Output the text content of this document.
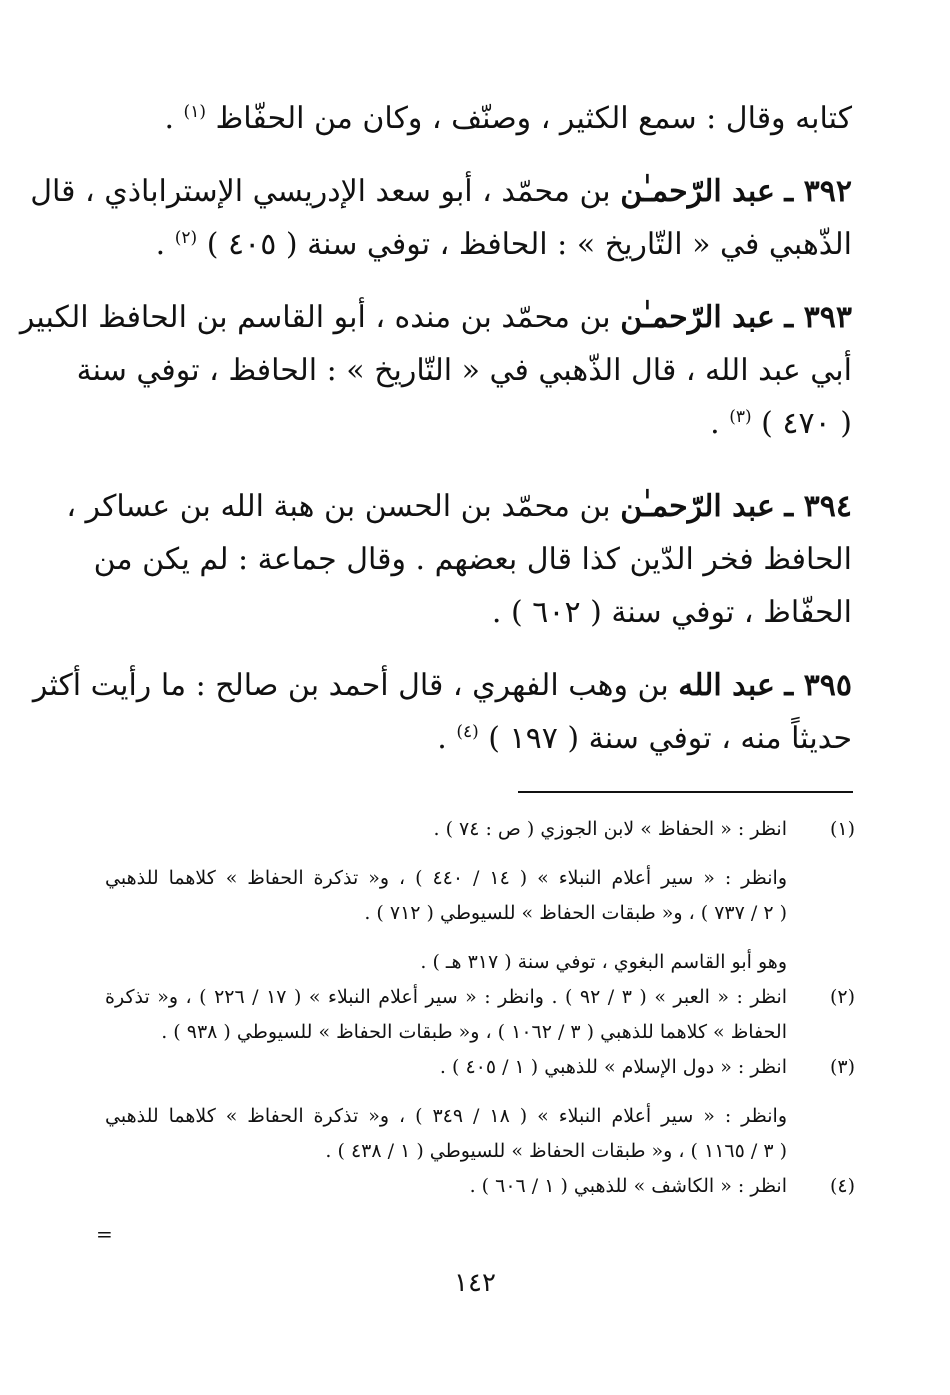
كتابه وقال : سمع الكثير ، وصنّف ، وكان من الحفّاظ $^{(١)}$ .
٣٩٢ ـ عبد الرّحمـٰن بن محمّد ، أبو سعد الإدريسي الإستراباذي ، قال
الذّهبي في « التّاريخ » : الحافظ ، توفي سنة ( ٤٠٥ ) $^{(٢)}$ .
٣٩٣ ـ عبد الرّحمـٰن بن محمّد بن منده ، أبو القاسم بن الحافظ الكبير
أبي عبد الله ، قال الذّهبي في « التّاريخ » : الحافظ ، توفي سنة
( ٤٧٠ ) $^{(٣)}$ .
٣٩٤ ـ عبد الرّحمـٰن بن محمّد بن الحسن بن هبة الله بن عساكر ،
الحافظ فخر الدّين كذا قال بعضهم . وقال جماعة : لم يكن من
الحفّاظ ، توفي سنة ( ٦٠٢ ) .
٣٩٥ ـ عبد الله بن وهب الفهري ، قال أحمد بن صالح : ما رأيت أكثر
حديثاً منه ، توفي سنة ( ١٩٧ ) $^{(٤)}$ .
(١)
انظر : « الحفاظ » لابن الجوزي ( ص : ٧٤ ) .
وانظر : « سير أعلام النبلاء » ( ١٤ / ٤٤٠ ) ، و« تذكرة الحفاظ » كلاهما للذهبي
( ٢ / ٧٣٧ ) ، و« طبقات الحفاظ » للسيوطي ( ٧١٢ ) .
وهو أبو القاسم البغوي ، توفي سنة ( ٣١٧ هـ ) .
(٢)
انظر : « العبر » ( ٣ / ٩٢ ) . وانظر : « سير أعلام النبلاء » ( ١٧ / ٢٢٦ ) ، و« تذكرة
الحفاظ » كلاهما للذهبي ( ٣ / ١٠٦٢ ) ، و« طبقات الحفاظ » للسيوطي ( ٩٣٨ ) .
(٣)
انظر : « دول الإسلام » للذهبي ( ١ / ٤٠٥ ) .
وانظر : « سير أعلام النبلاء » ( ١٨ / ٣٤٩ ) ، و« تذكرة الحفاظ » كلاهما للذهبي
( ٣ / ١١٦٥ ) ، و« طبقات الحفاظ » للسيوطي ( ١ / ٤٣٨ ) .
(٤)
انظر : « الكاشف » للذهبي ( ١ / ٦٠٦ ) .
=
١٤٢
